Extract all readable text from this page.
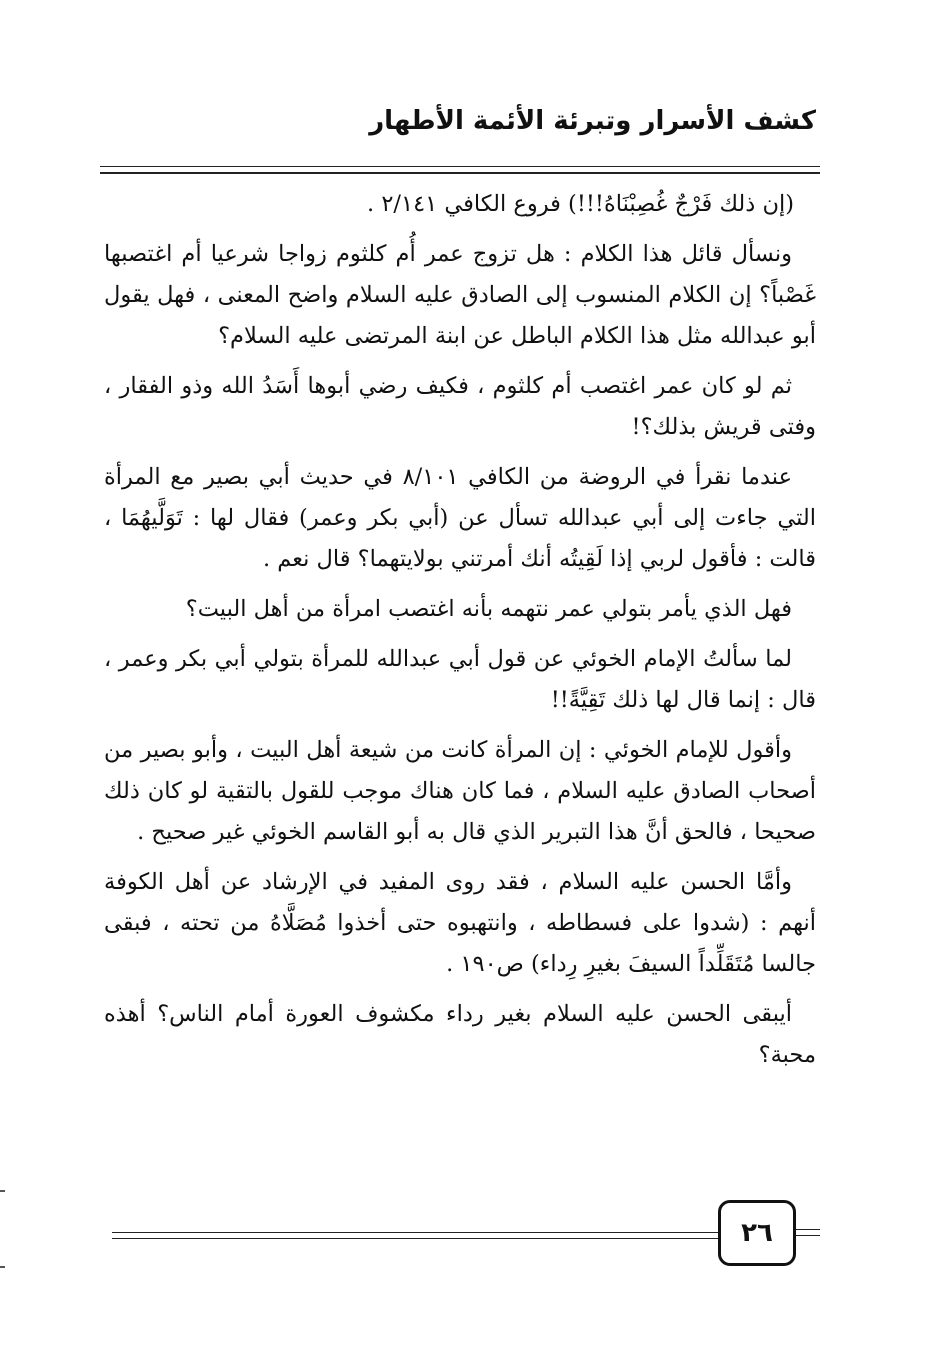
كشف الأسرار وتبرئة الأئمة الأطهار

(إن ذلك فَرْجٌ غُصِبْنَاهُ!!!) فروع الكافي ٢/١٤١ .

ونسأل قائل هذا الكلام : هل تزوج عمر أُم كلثوم زواجا شرعيا أم اغتصبها غَصْباً؟ إن الكلام المنسوب إلى الصادق عليه السلام واضح المعنى ، فهل يقول أبو عبدالله مثل هذا الكلام الباطل عن ابنة المرتضى عليه السلام؟

ثم لو كان عمر اغتصب أم كلثوم ، فكيف رضي أبوها أَسَدُ الله وذو الفقار ، وفتى قريش بذلك؟!

عندما نقرأ في الروضة من الكافي ٨/١٠١ في حديث أبي بصير مع المرأة التي جاءت إلى أبي عبدالله تسأل عن (أبي بكر وعمر) فقال لها : تَوَلَّيهُمَا ، قالت : فأقول لربي إذا لَقِيتُه أنك أمرتني بولايتهما؟ قال نعم .

فهل الذي يأمر بتولي عمر نتهمه بأنه اغتصب امرأة من أهل البيت؟

لما سألتُ الإمام الخوئي عن قول أبي عبدالله للمرأة بتولي أبي بكر وعمر ، قال : إنما قال لها ذلك تَقِيَّةً!!

وأقول للإمام الخوئي : إن المرأة كانت من شيعة أهل البيت ، وأبو بصير من أصحاب الصادق عليه السلام ، فما كان هناك موجب للقول بالتقية لو كان ذلك صحيحا ، فالحق أنَّ هذا التبرير الذي قال به أبو القاسم الخوئي غير صحيح .

وأمَّا الحسن عليه السلام ، فقد روى المفيد في الإرشاد عن أهل الكوفة أنهم : (شدوا على فسطاطه ، وانتهبوه حتى أخذوا مُصَلَّاهُ من تحته ، فبقى جالسا مُتَقَلِّداً السيفَ بغيرِ رِداء) ص١٩٠ .

أيبقى الحسن عليه السلام بغير رداء مكشوف العورة أمام الناس؟ أهذه محبة؟

٢٦
